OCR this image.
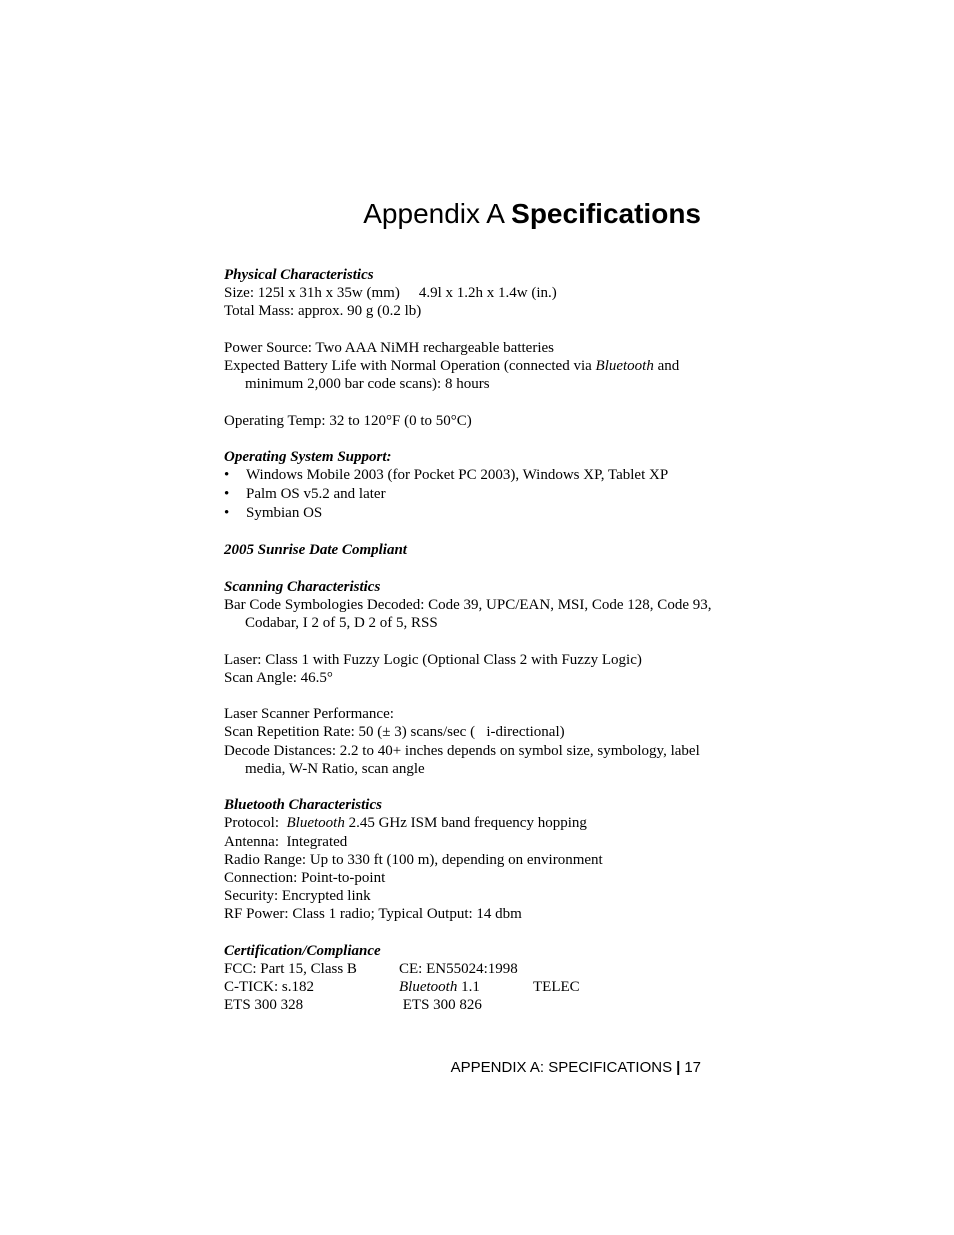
Appendix A Specifications

Physical Characteristics

Size: 125l x 31h x 35w (mm) 4.9l x 1.2h x 1.4w (in.)

Total Mass: approx. 90 g (0.2 lb)

Power Source: Two AAA NiMH rechargeable batteries

Expected Battery Life with Normal Operation (connected via Bluetooth and minimum 2,000 bar code scans): 8 hours

Operating Temp: 32 to 120°F (0 to 50°C)

Operating System Support:

• Windows Mobile 2003 (for Pocket PC 2003), Windows XP, Tablet XP
• Palm OS v5.2 and later
• Symbian OS

2005 Sunrise Date Compliant

Scanning Characteristics

Bar Code Symbologies Decoded: Code 39, UPC/EAN, MSI, Code 128, Code 93, Codabar, I 2 of 5, D 2 of 5, RSS

Laser: Class 1 with Fuzzy Logic (Optional Class 2 with Fuzzy Logic)

Scan Angle: 46.5°

Laser Scanner Performance:

Scan Repetition Rate: 50 (± 3) scans/sec (   i-directional)

Decode Distances: 2.2 to 40+ inches depends on symbol size, symbology, label media, W-N Ratio, scan angle

Bluetooth Characteristics

Protocol:  Bluetooth 2.45 GHz ISM band frequency hopping

Antenna:  Integrated

Radio Range: Up to 330 ft (100 m), depending on environment

Connection: Point-to-point

Security: Encrypted link

RF Power: Class 1 radio; Typical Output: 14 dbm

Certification/Compliance

FCC: Part 15, Class B	CE: EN55024:1998
C-TICK: s.182	Bluetooth 1.1	TELEC
ETS 300 328	ETS 300 826
APPENDIX A: SPECIFICATIONS | 17
